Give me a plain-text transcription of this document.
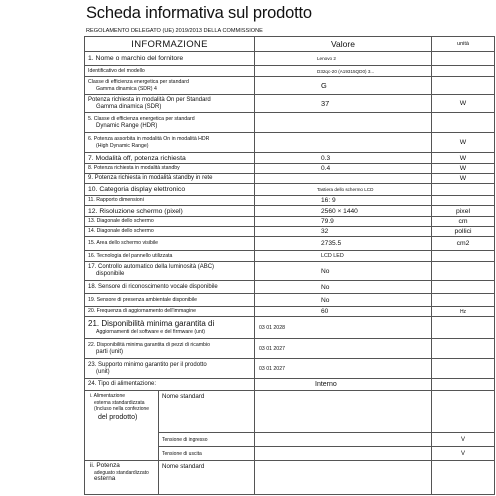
Scheda informativa sul prodotto
REGOLAMENTO DELEGATO (UE) 2019/2013 DELLA COMMISSIONE
INFORMAZIONE	Valore	unità
1. Nome o marchio del fornitore	Lenovo 2	
Identificativo del modello	D32qc-20 (A19315QD0) 3...	

Classe di efficienza energetica per standard
Gamma dinamica (SDR) 4	G	

Potenza richiesta in modalità On per Standard
Gamma dinamica (SDR)	37	W

5. Classe di efficienza energetica per standard
Dynamic Range (HDR)		

6. Potenza assorbita in modalità On in modalità HDR
(High Dynamic Range)		W
7. Modalità off, potenza richiesta	0.3	W
8. Potenza richiesta in modalità standby	0.4	W
9. Potenza richiesta in modalità standby in rete		W
10. Categoria display elettronico	Tastiera dello schermo LCD	
11. Rapporto dimensioni	16: 9	
12. Risoluzione schermo (pixel)	2560 × 1440	pixel
13. Diagonale dello schermo	79.9	cm
14. Diagonale dello schermo	32	pollici
15. Area dello schermo visibile	2735.5	cm2
16. Tecnologia del pannello utilizzata	LCD LED	

17. Controllo automatico della luminosità (ABC)
disponibile	No	
18. Sensore di riconoscimento vocale disponibile	No	
19. Sensore di presenza ambientale disponibile	No	
20. Frequenza di aggiornamento dell'immagine	60	Hz

21. Disponibilità minima garantita di
Aggiornamenti del software e del firmware (unt)	03 01 2028	

22. Disponibilità minima garantita di pezzi di ricambio
parti (unit)	03 01 2027	

23. Supporto minimo garantito per il prodotto
(unit)	03 01 2027	
24. Tipo di alimentazione:	Interno	
i. Alimentazione
esterna standardizzata
(Incluso nella confezione
del prodotto)	Nome standard		
	Tensione di ingresso		V
	Tensione di uscita		V

ii. Potenza
adeguato standardizzato
esterna	Nome standard		
